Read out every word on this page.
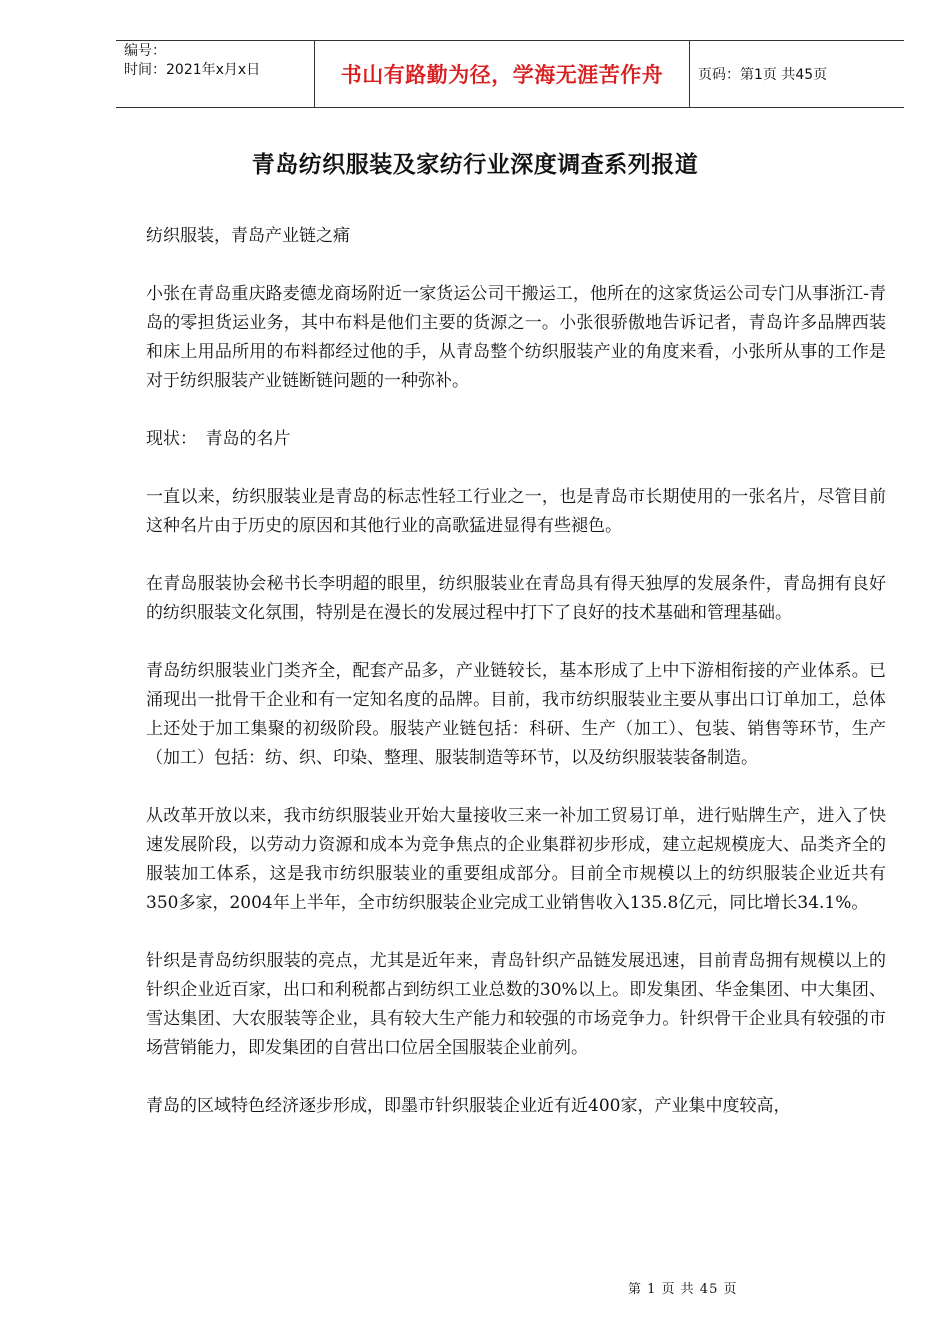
编号：
时间：2021年x月x日	书山有路勤为径，学海无涯苦作舟 页码：第1页 共45页
青岛纺织服装及家纺行业深度调查系列报道

纺织服装，青岛产业链之痛

小张在青岛重庆路麦德龙商场附近一家货运公司干搬运工，他所在的这家货运公司专门从事浙江-青岛的零担货运业务，其中布料是他们主要的货源之一。小张很骄傲地告诉记者，青岛许多品牌西装和床上用品所用的布料都经过他的手，从青岛整个纺织服装产业的角度来看，小张所从事的工作是对于纺织服装产业链断链问题的一种弥补。

现状：　青岛的名片

一直以来，纺织服装业是青岛的标志性轻工行业之一，也是青岛市长期使用的一张名片，尽管目前这种名片由于历史的原因和其他行业的高歌猛进显得有些褪色。

在青岛服装协会秘书长李明超的眼里，纺织服装业在青岛具有得天独厚的发展条件，青岛拥有良好的纺织服装文化氛围，特别是在漫长的发展过程中打下了良好的技术基础和管理基础。

青岛纺织服装业门类齐全，配套产品多，产业链较长，基本形成了上中下游相衔接的产业体系。已涌现出一批骨干企业和有一定知名度的品牌。目前，我市纺织服装业主要从事出口订单加工，总体上还处于加工集聚的初级阶段。服装产业链包括：科研、生产（加工）、包装、销售等环节，生产（加工）包括：纺、织、印染、整理、服装制造等环节，以及纺织服装装备制造。

从改革开放以来，我市纺织服装业开始大量接收三来一补加工贸易订单，进行贴牌生产，进入了快速发展阶段，以劳动力资源和成本为竞争焦点的企业集群初步形成，建立起规模庞大、品类齐全的服装加工体系，这是我市纺织服装业的重要组成部分。目前全市规模以上的纺织服装企业近共有350多家，2004年上半年，全市纺织服装企业完成工业销售收入135.8亿元，同比增长34.1%。

针织是青岛纺织服装的亮点，尤其是近年来，青岛针织产品链发展迅速，目前青岛拥有规模以上的针织企业近百家，出口和利税都占到纺织工业总数的30%以上。即发集团、华金集团、中大集团、雪达集团、大农服装等企业，具有较大生产能力和较强的市场竞争力。针织骨干企业具有较强的市场营销能力，即发集团的自营出口位居全国服装企业前列。

青岛的区域特色经济逐步形成，即墨市针织服装企业近有近400家，产业集中度较高，

第 1 页 共 45 页
